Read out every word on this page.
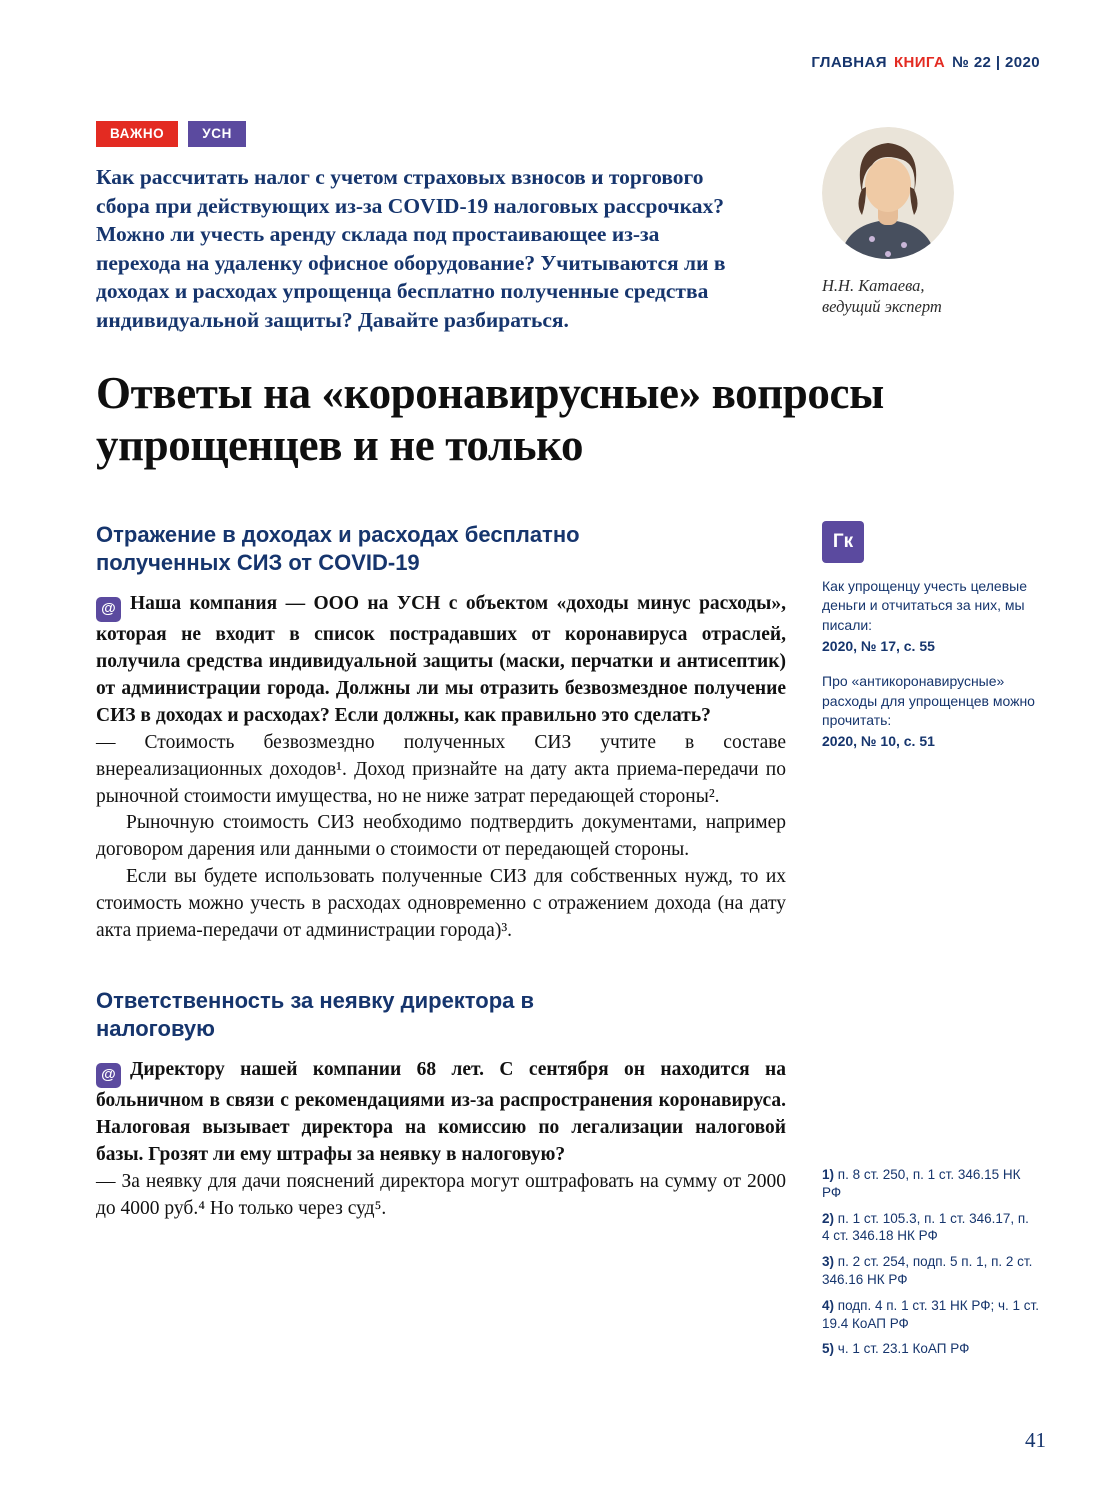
ГЛАВНАЯ КНИГА № 22 | 2020
ВАЖНО	УСН
Как рассчитать налог с учетом страховых взносов и торгового сбора при действующих из-за COVID-19 налоговых рассрочках? Можно ли учесть аренду склада под простаивающее из-за перехода на удаленку офисное оборудование? Учитываются ли в доходах и расходах упрощенца бесплатно полученные средства индивидуальной защиты? Давайте разбираться.
Н.Н. Катаева,
ведущий эксперт
Ответы на «коронавирусные» вопросы упрощенцев и не только
Отражение в доходах и расходах бесплатно полученных СИЗ от COVID-19

@ Наша компания — ООО на УСН с объектом «доходы минус расходы», которая не входит в список пострадавших от коронавируса отраслей, получила средства индивидуальной защиты (маски, перчатки и антисептик) от администрации города. Должны ли мы отразить безвозмездное получение СИЗ в доходах и расходах? Если должны, как правильно это сделать?

— Стоимость безвозмездно полученных СИЗ учтите в составе внереализационных доходов¹. Доход признайте на дату акта приема-передачи по рыночной стоимости имущества, но не ниже затрат передающей стороны².

Рыночную стоимость СИЗ необходимо подтвердить документами, например договором дарения или данными о стоимости от передающей стороны.

Если вы будете использовать полученные СИЗ для собственных нужд, то их стоимость можно учесть в расходах одновременно с отражением дохода (на дату акта приема-передачи от администрации города)³.

Ответственность за неявку директора в налоговую

@ Директору нашей компании 68 лет. С сентября он находится на больничном в связи с рекомендациями из-за распространения коронавируса. Налоговая вызывает директора на комиссию по легализации налоговой базы. Грозят ли ему штрафы за неявку в налоговую?

— За неявку для дачи пояснений директора могут оштрафовать на сумму от 2000 до 4000 руб.⁴ Но только через суд⁵.

Гк
Как упрощенцу учесть целевые деньги и отчитаться за них, мы писали:
2020, № 17, с. 55
Про «антикоронавирусные» расходы для упрощенцев можно прочитать:
2020, № 10, с. 51
1) п. 8 ст. 250, п. 1 ст. 346.15 НК РФ
2) п. 1 ст. 105.3, п. 1 ст. 346.17, п. 4 ст. 346.18 НК РФ
3) п. 2 ст. 254, подп. 5 п. 1, п. 2 ст. 346.16 НК РФ
4) подп. 4 п. 1 ст. 31 НК РФ; ч. 1 ст. 19.4 КоАП РФ
5) ч. 1 ст. 23.1 КоАП РФ
41
